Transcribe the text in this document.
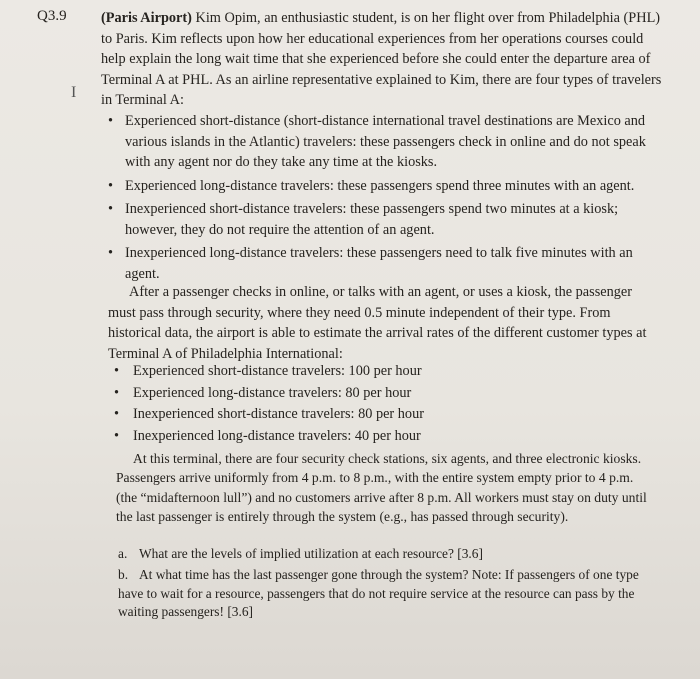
Q3.9
I

(Paris Airport) Kim Opim, an enthusiastic student, is on her flight over from Philadelphia (PHL) to Paris. Kim reflects upon how her educational experiences from her operations courses could help explain the long wait time that she experienced before she could enter the departure area of Terminal A at PHL. As an airline representative explained to Kim, there are four types of travelers in Terminal A:

• Experienced short-distance (short-distance international travel destinations are Mexico and various islands in the Atlantic) travelers: these passengers check in online and do not speak with any agent nor do they take any time at the kiosks.
• Experienced long-distance travelers: these passengers spend three minutes with an agent.
• Inexperienced short-distance travelers: these passengers spend two minutes at a kiosk; however, they do not require the attention of an agent.
• Inexperienced long-distance travelers: these passengers need to talk five minutes with an agent.

After a passenger checks in online, or talks with an agent, or uses a kiosk, the passenger must pass through security, where they need 0.5 minute independent of their type. From historical data, the airport is able to estimate the arrival rates of the different customer types at Terminal A of Philadelphia International:

• Experienced short-distance travelers: 100 per hour
• Experienced long-distance travelers: 80 per hour
• Inexperienced short-distance travelers: 80 per hour
• Inexperienced long-distance travelers: 40 per hour

At this terminal, there are four security check stations, six agents, and three electronic kiosks. Passengers arrive uniformly from 4 p.m. to 8 p.m., with the entire system empty prior to 4 p.m. (the “midafternoon lull”) and no customers arrive after 8 p.m. All workers must stay on duty until the last passenger is entirely through the system (e.g., has passed through security).

a. What are the levels of implied utilization at each resource? [3.6]
b. At what time has the last passenger gone through the system? Note: If passengers of one type have to wait for a resource, passengers that do not require service at the resource can pass by the waiting passengers! [3.6]
